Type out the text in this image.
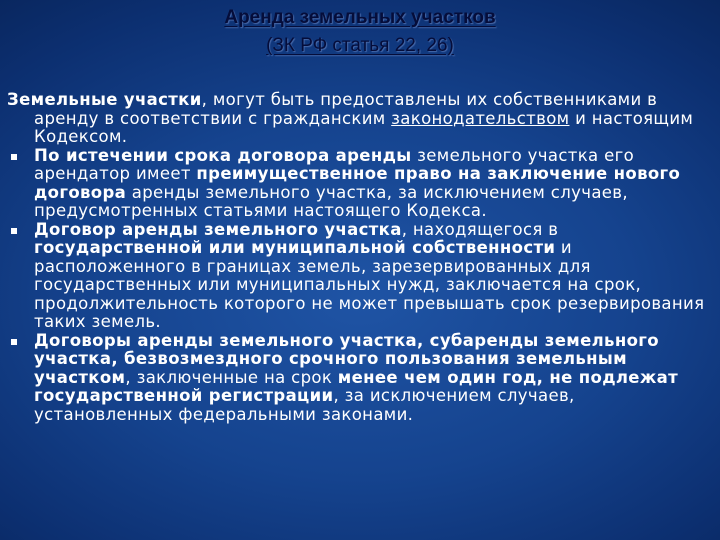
Аренда земельных участков
(ЗК РФ статья 22, 26)
Земельные участки, могут быть предоставлены их собственниками в аренду в соответствии с гражданским законодательством и настоящим Кодексом.
По истечении срока договора аренды земельного участка его арендатор имеет преимущественное право на заключение нового договора аренды земельного участка, за исключением случаев, предусмотренных статьями настоящего Кодекса.
Договор аренды земельного участка, находящегося в государственной или муниципальной собственности и расположенного в границах земель, зарезервированных для государственных или муниципальных нужд, заключается на срок, продолжительность которого не может превышать срок резервирования таких земель.
Договоры аренды земельного участка, субаренды земельного участка, безвозмездного срочного пользования земельным участком, заключенные на срок менее чем один год, не подлежат государственной регистрации, за исключением случаев, установленных федеральными законами.
